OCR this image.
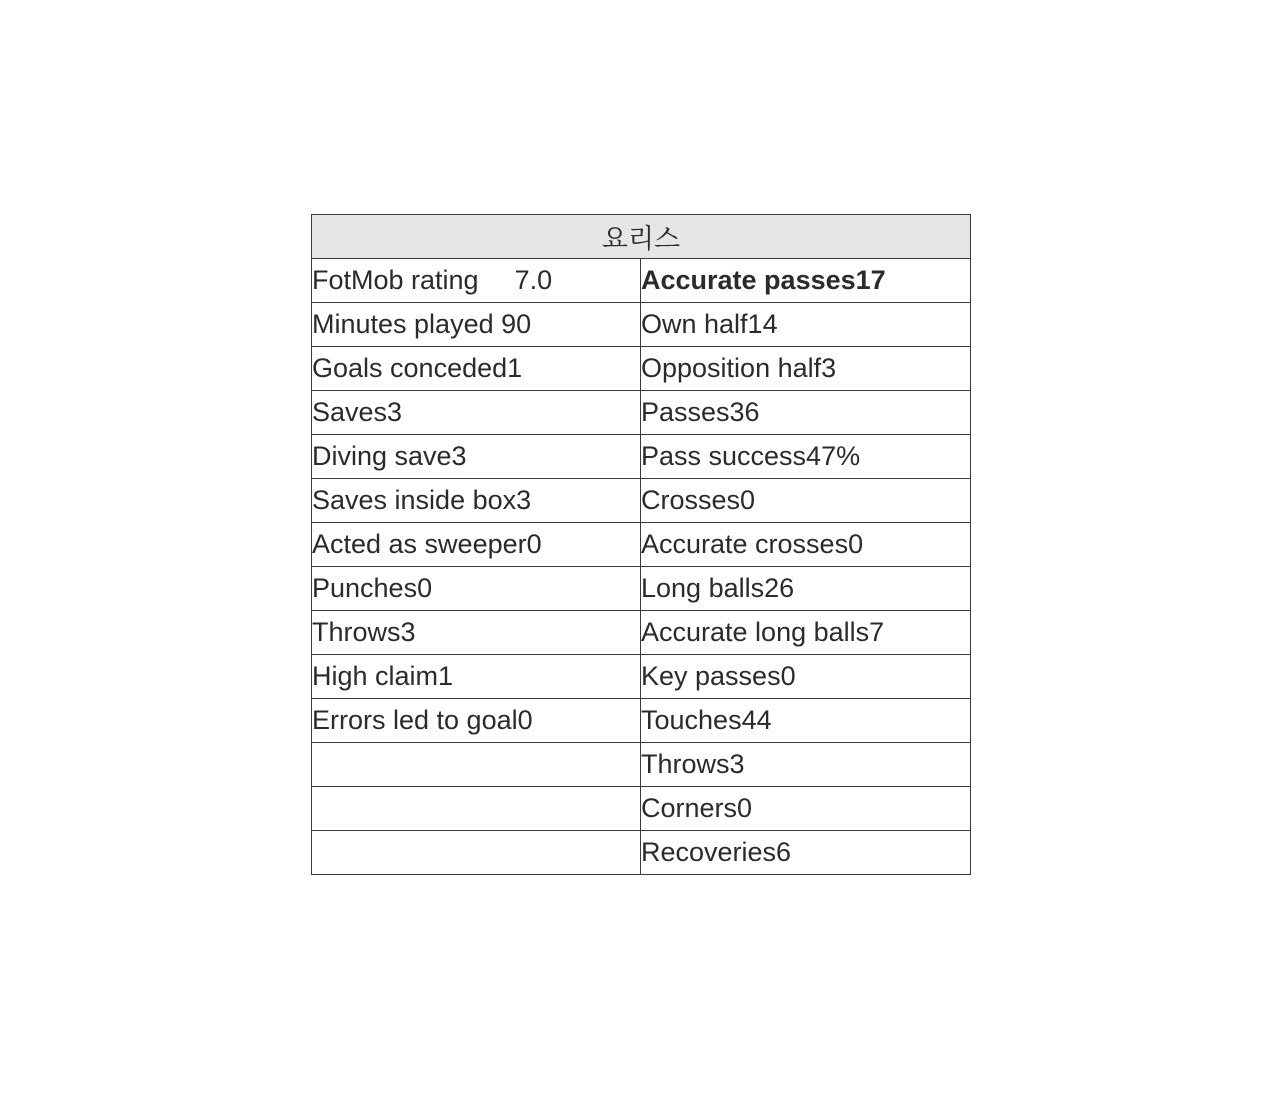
요리스	
FotMob rating 7.0	Accurate passes17
Minutes played 90	Own half14
Goals conceded1	Opposition half3
Saves3	Passes36
Diving save3	Pass success47%
Saves inside box3	Crosses0
Acted as sweeper0	Accurate crosses0
Punches0	Long balls26
Throws3	Accurate long balls7
High claim1	Key passes0
Errors led to goal0	Touches44
	Throws3
	Corners0
	Recoveries6
